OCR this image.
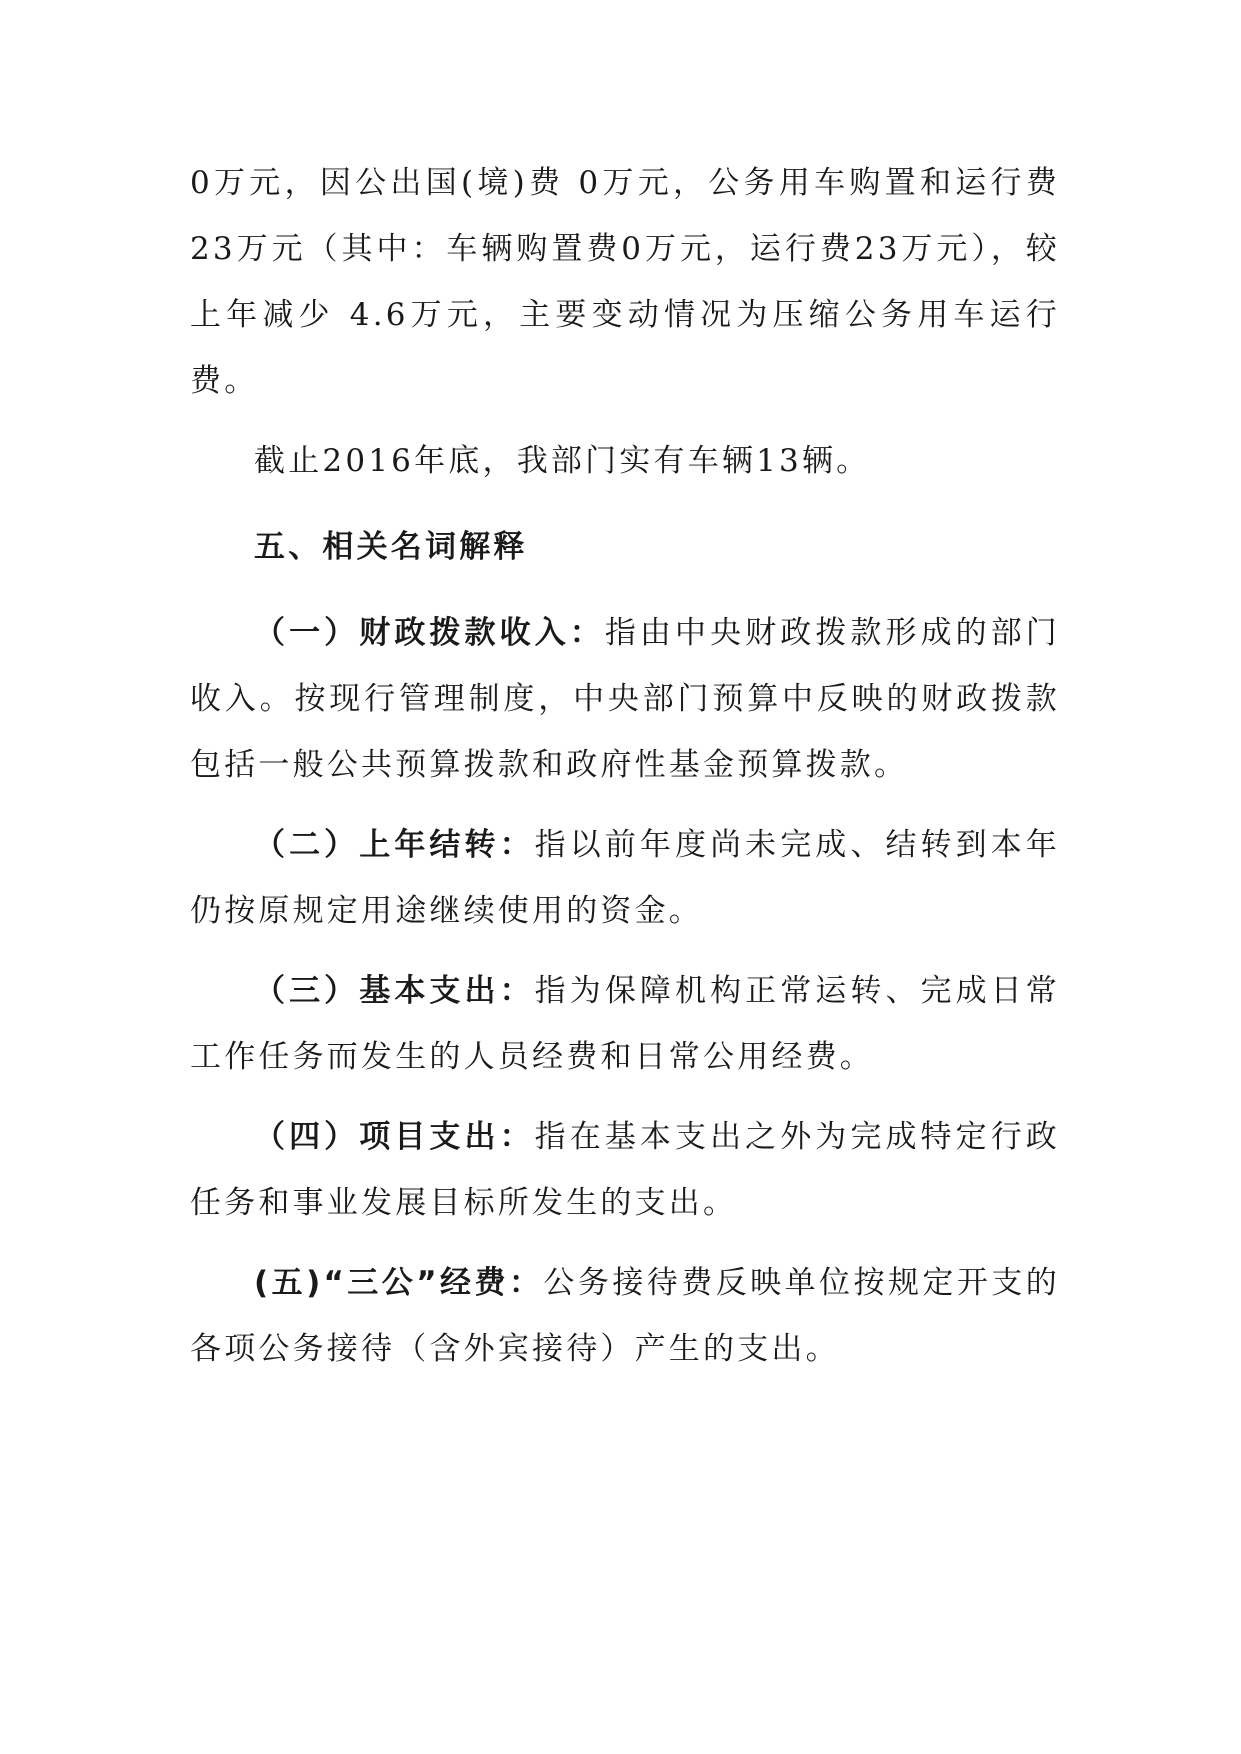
0万元，因公出国(境)费 0万元，公务用车购置和运行费 23万元（其中：车辆购置费0万元，运行费23万元），较上年减少 4.6万元，主要变动情况为压缩公务用车运行费。

截止2016年底，我部门实有车辆13辆。

五、相关名词解释

（一）财政拨款收入：指由中央财政拨款形成的部门收入。按现行管理制度，中央部门预算中反映的财政拨款包括一般公共预算拨款和政府性基金预算拨款。

（二）上年结转：指以前年度尚未完成、结转到本年仍按原规定用途继续使用的资金。

（三）基本支出：指为保障机构正常运转、完成日常工作任务而发生的人员经费和日常公用经费。

（四）项目支出：指在基本支出之外为完成特定行政任务和事业发展目标所发生的支出。

(五)“三公”经费：公务接待费反映单位按规定开支的各项公务接待（含外宾接待）产生的支出。
